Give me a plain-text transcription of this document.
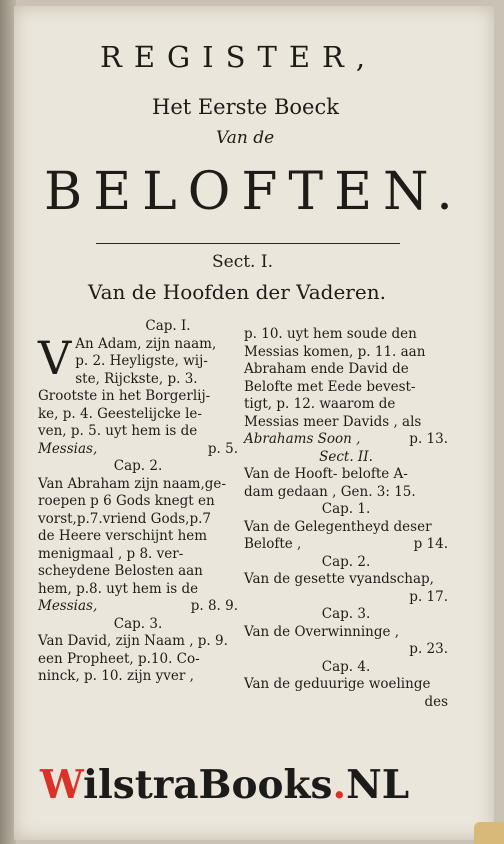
REGISTER,
Het Eerste Boeck
Van de
BELOFTEN.
Sect. I.
Van de Hoofden der Vaderen.

Cap. I.

V An Adam, zijn naam,

p. 2. Heyligste, wij-

ste, Rijckste, p. 3.

Grootste in het Borgerlij-

ke, p. 4. Geestelijcke le-

ven, p. 5. uyt hem is de

Messias,	p. 5.

Cap. 2.

Van Abraham zijn naam,ge-

roepen p 6 Gods knegt en

vorst,p.7.vriend Gods,p.7

de Heere verschijnt hem

menigmaal , p 8. ver-

scheydene Belosten aan

hem, p.8. uyt hem is de

Messias,	p. 8. 9.

Cap. 3.

Van David, zijn Naam , p. 9.

een Propheet, p.10. Co-

ninck, p. 10. zijn yver ,

p. 10. uyt hem soude den

Messias komen, p. 11. aan

Abraham ende David de

Belofte met Eede bevest-

tigt, p. 12. waarom de

Messias meer Davids , als

Abrahams Soon ,	p. 13.

Sect. II.

Van de Hooft- belofte A-

dam gedaan , Gen. 3: 15.

Cap. 1.

Van de Gelegentheyd deser

Belofte ,	p 14.

Cap. 2.

Van de gesette vyandschap,

p. 17.

Cap. 3.

Van de Overwinninge ,

p. 23.

Cap. 4.

Van de geduurige woelinge

des

WilstraBooks.NL
